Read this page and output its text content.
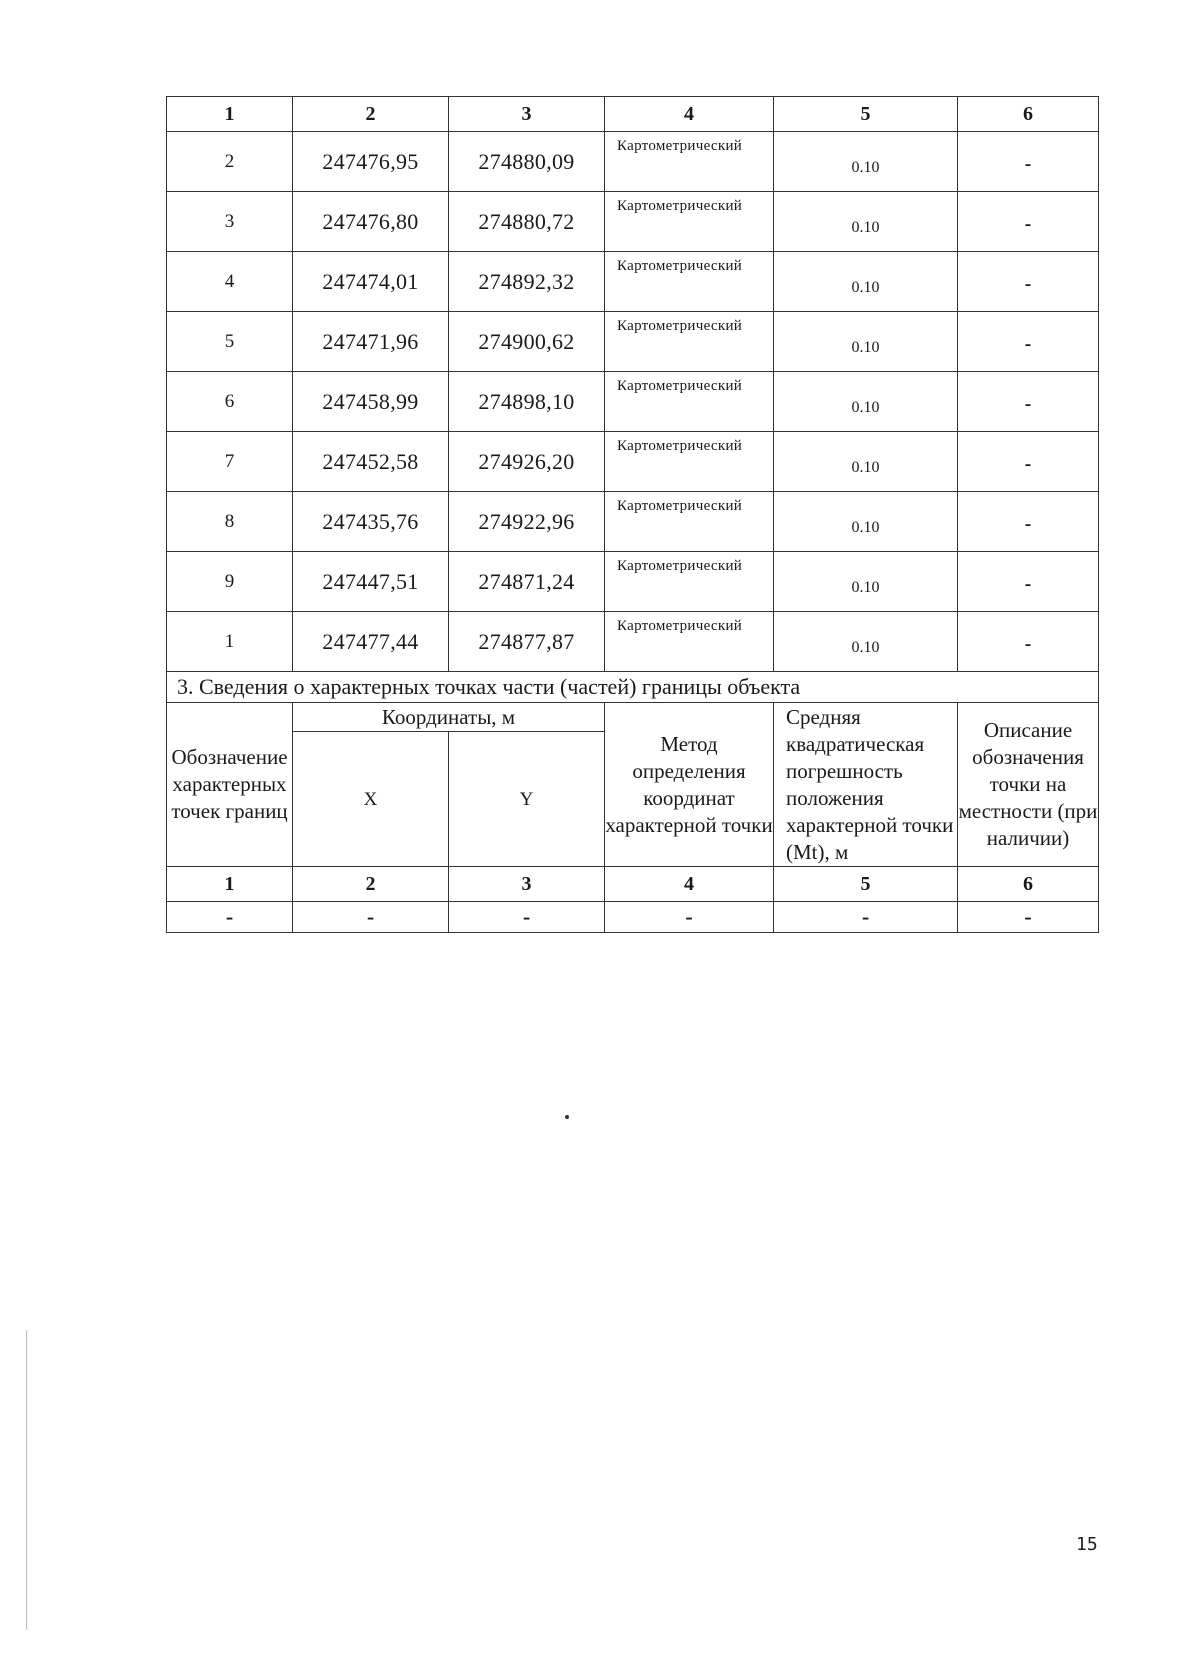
1	2	3	4	5	6
2	247476,95	274880,09	Картометрический	0.10	-
3	247476,80	274880,72	Картометрический	0.10	-
4	247474,01	274892,32	Картометрический	0.10	-
5	247471,96	274900,62	Картометрический	0.10	-
6	247458,99	274898,10	Картометрический	0.10	-
7	247452,58	274926,20	Картометрический	0.10	-
8	247435,76	274922,96	Картометрический	0.10	-
9	247447,51	274871,24	Картометрический	0.10	-
1	247477,44	274877,87	Картометрический	0.10	-
3. Сведения о характерных точках части (частей) границы объекта					
Обозначение характерных точек границ	Координаты, м		Метод определения координат характерной точки	Средняя квадратическая погрешность положения характерной точки (Mt), м	Описание обозначения точки на местности (при наличии)
	X	Y			
1	2	3	4	5	6
-	-	-	-	-	-
15
